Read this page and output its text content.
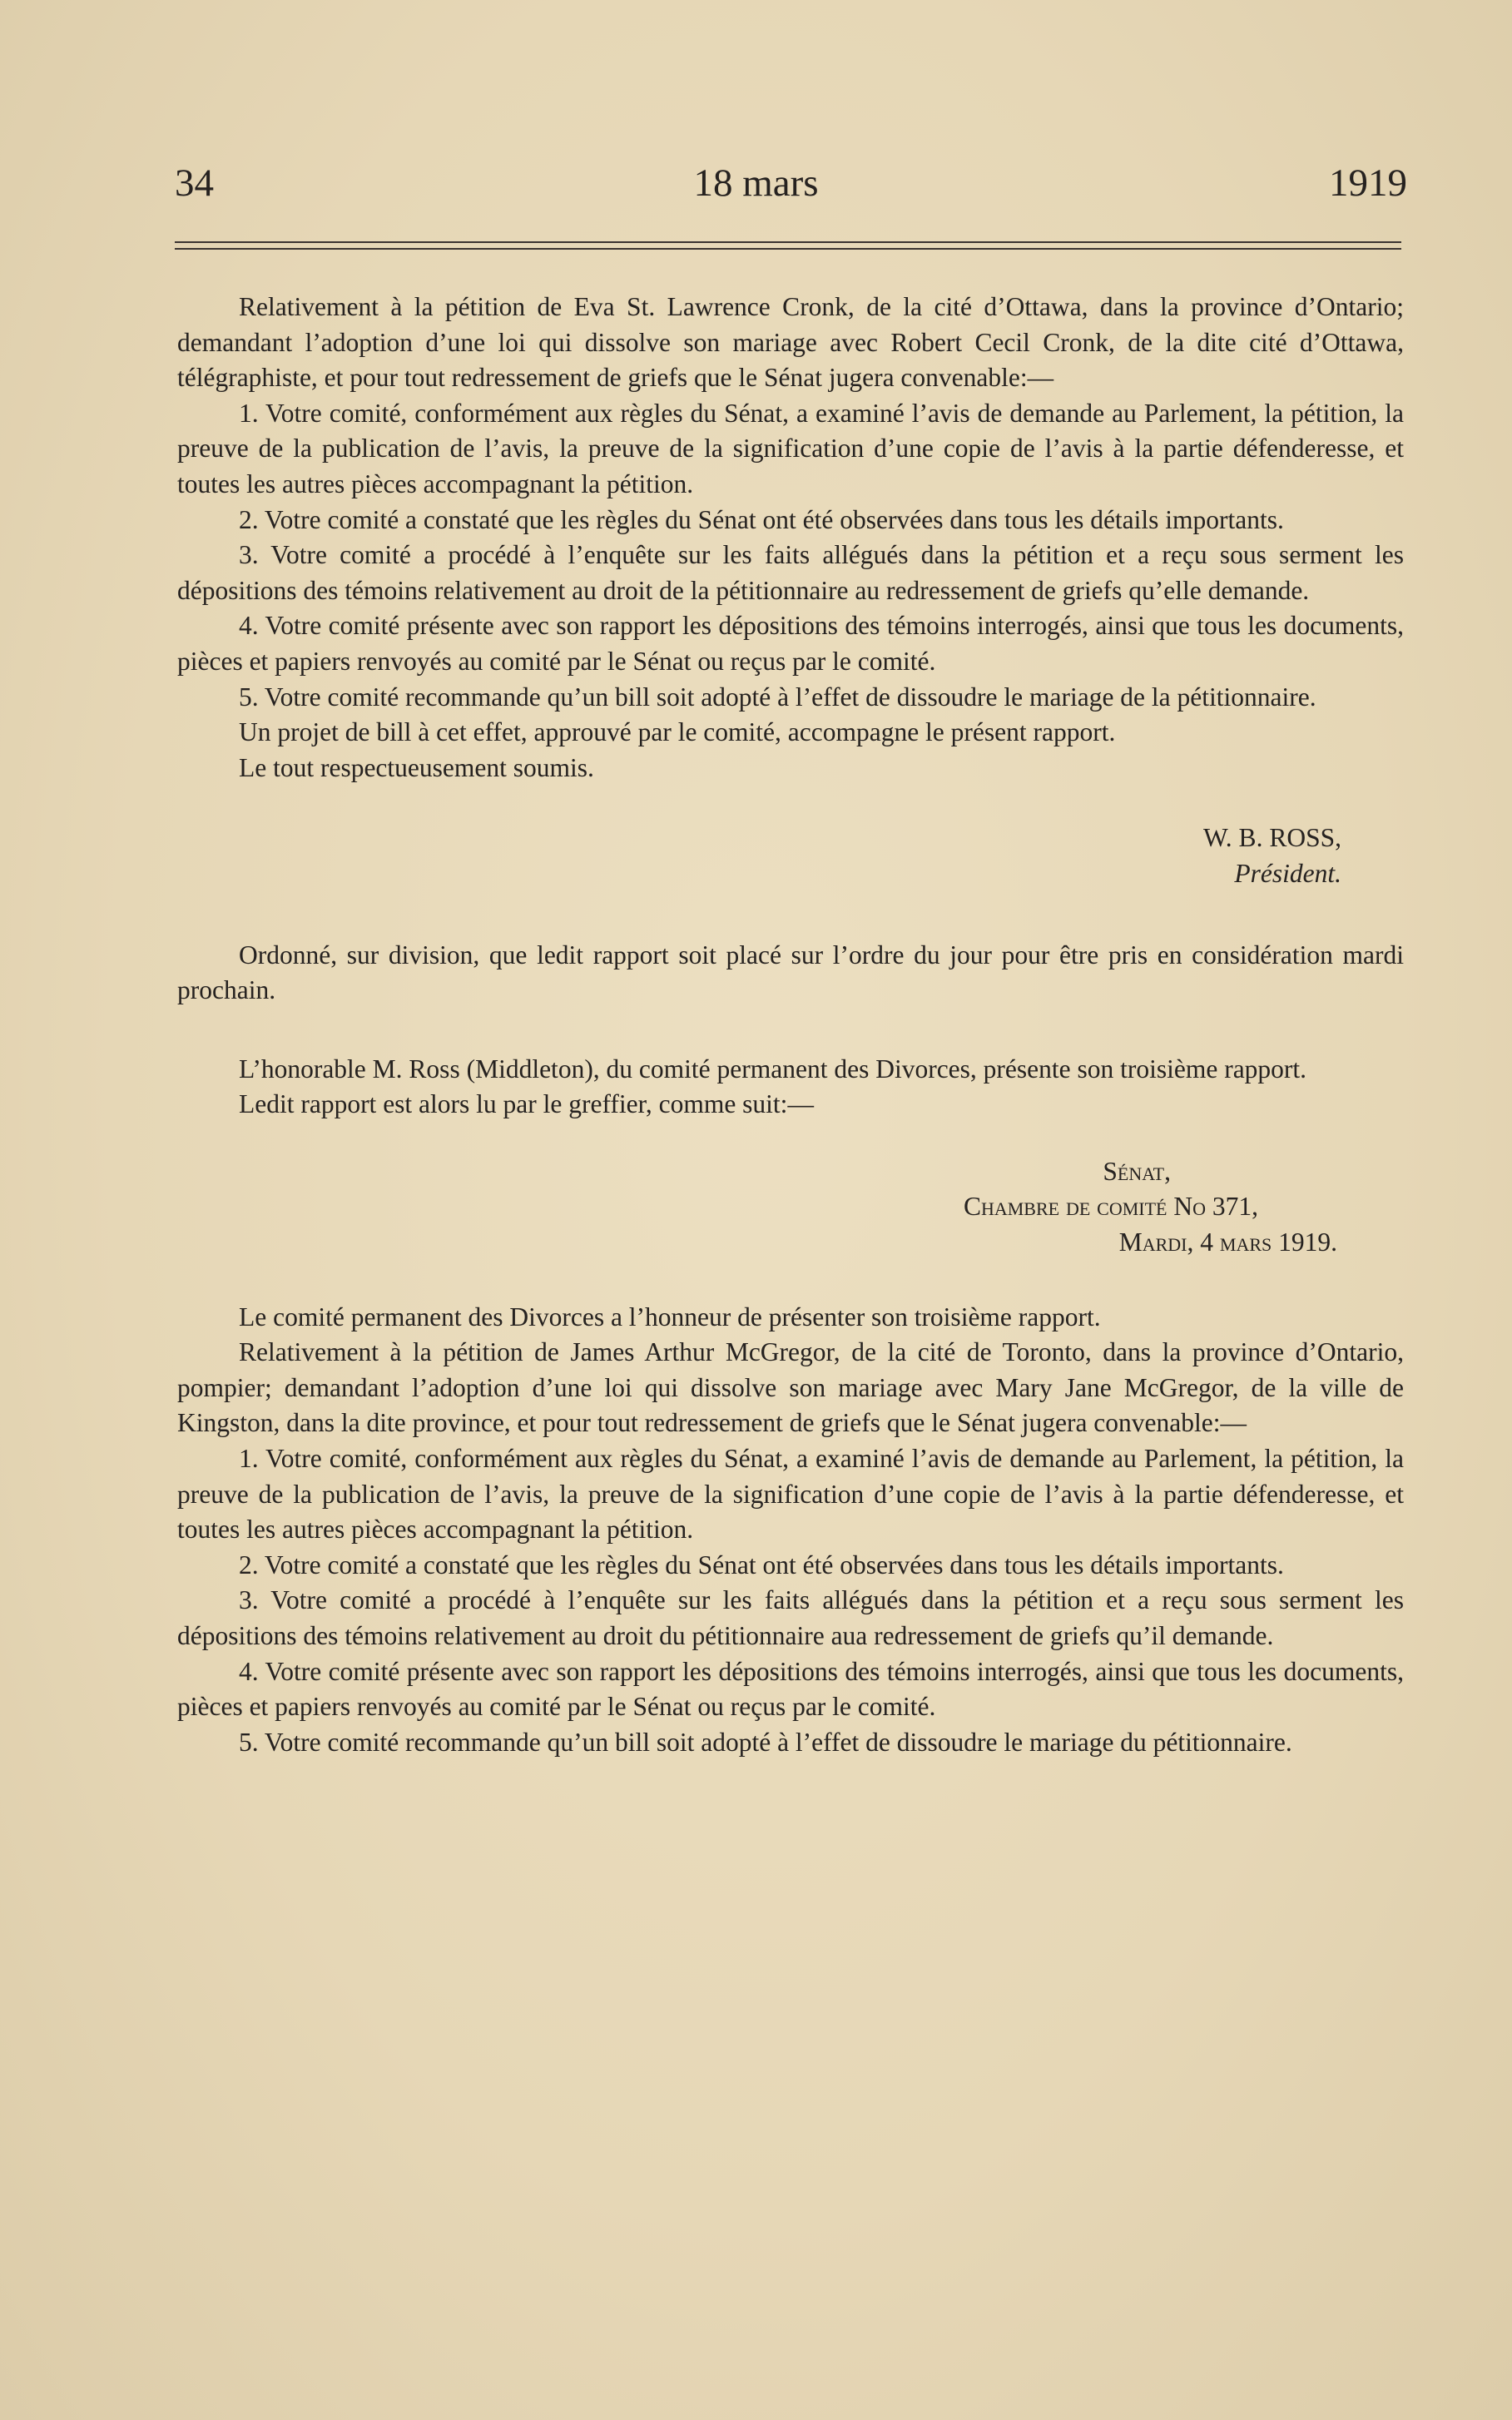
34	18 mars	1919

Relativement à la pétition de Eva St. Lawrence Cronk, de la cité d’Ottawa, dans la province d’Ontario; demandant l’adoption d’une loi qui dissolve son mariage avec Robert Cecil Cronk, de la dite cité d’Ottawa, télégraphiste, et pour tout redressement de griefs que le Sénat jugera convenable:—

1. Votre comité, conformément aux règles du Sénat, a examiné l’avis de demande au Parlement, la pétition, la preuve de la publication de l’avis, la preuve de la signification d’une copie de l’avis à la partie défenderesse, et toutes les autres pièces accompagnant la pétition.

2. Votre comité a constaté que les règles du Sénat ont été observées dans tous les détails importants.

3. Votre comité a procédé à l’enquête sur les faits allégués dans la pétition et a reçu sous serment les dépositions des témoins relativement au droit de la pétitionnaire au redressement de griefs qu’elle demande.

4. Votre comité présente avec son rapport les dépositions des témoins interrogés, ainsi que tous les documents, pièces et papiers renvoyés au comité par le Sénat ou reçus par le comité.

5. Votre comité recommande qu’un bill soit adopté à l’effet de dissoudre le mariage de la pétitionnaire.

Un projet de bill à cet effet, approuvé par le comité, accompagne le présent rapport.

Le tout respectueusement soumis.

W. B. ROSS,

Président.

Ordonné, sur division, que ledit rapport soit placé sur l’ordre du jour pour être pris en considération mardi prochain.

L’honorable M. Ross (Middleton), du comité permanent des Divorces, présente son troisième rapport.

Ledit rapport est alors lu par le greffier, comme suit:—

Sénat,

Chambre de comité No 371,

Mardi, 4 mars 1919.

Le comité permanent des Divorces a l’honneur de présenter son troisième rapport.

Relativement à la pétition de James Arthur McGregor, de la cité de Toronto, dans la province d’Ontario, pompier; demandant l’adoption d’une loi qui dissolve son mariage avec Mary Jane McGregor, de la ville de Kingston, dans la dite province, et pour tout redressement de griefs que le Sénat jugera convenable:—

1. Votre comité, conformément aux règles du Sénat, a examiné l’avis de demande au Parlement, la pétition, la preuve de la publication de l’avis, la preuve de la signification d’une copie de l’avis à la partie défenderesse, et toutes les autres pièces accompagnant la pétition.

2. Votre comité a constaté que les règles du Sénat ont été observées dans tous les détails importants.

3. Votre comité a procédé à l’enquête sur les faits allégués dans la pétition et a reçu sous serment les dépositions des témoins relativement au droit du pétitionnaire aua redressement de griefs qu’il demande.

4. Votre comité présente avec son rapport les dépositions des témoins interrogés, ainsi que tous les documents, pièces et papiers renvoyés au comité par le Sénat ou reçus par le comité.

5. Votre comité recommande qu’un bill soit adopté à l’effet de dissoudre le mariage du pétitionnaire.
